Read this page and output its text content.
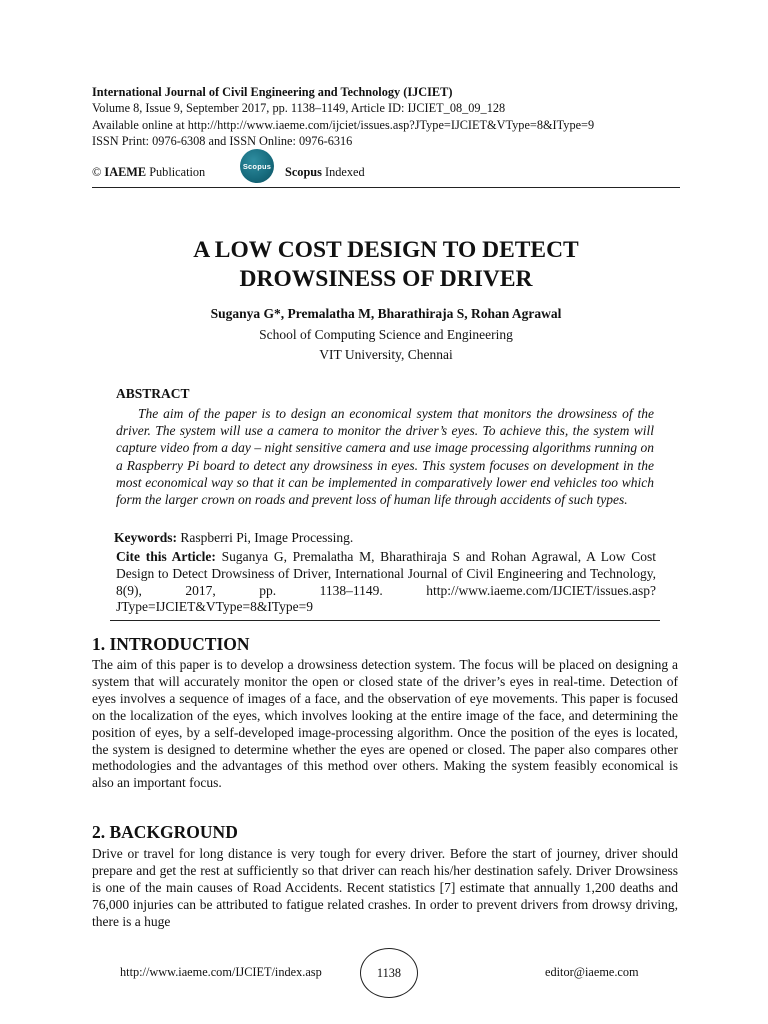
International Journal of Civil Engineering and Technology (IJCIET)
Volume 8, Issue 9, September 2017, pp. 1138–1149, Article ID: IJCIET_08_09_128
Available online at http://http://www.iaeme.com/ijciet/issues.asp?JType=IJCIET&VType=8&IType=9
ISSN Print: 0976-6308 and ISSN Online: 0976-6316
© IAEME Publication	Scopus Scopus Indexed
A LOW COST DESIGN TO DETECT
DROWSINESS OF DRIVER
Suganya G*, Premalatha M, Bharathiraja S, Rohan Agrawal
School of Computing Science and Engineering
VIT University, Chennai
ABSTRACT
The aim of the paper is to design an economical system that monitors the drowsiness of the driver. The system will use a camera to monitor the driver’s eyes. To achieve this, the system will capture video from a day – night sensitive camera and use image processing algorithms running on a Raspberry Pi board to detect any drowsiness in eyes. This system focuses on development in the most economical way so that it can be implemented in comparatively lower end vehicles too which form the larger crown on roads and prevent loss of human life through accidents of such types.
Keywords: Raspberri Pi, Image Processing.
Cite this Article: Suganya G, Premalatha M, Bharathiraja S and Rohan Agrawal, A Low Cost Design to Detect Drowsiness of Driver, International Journal of Civil Engineering and Technology, 8(9), 2017, pp. 1138–1149. http://www.iaeme.com/IJCIET/issues.asp?JType=IJCIET&VType=8&IType=9
1. INTRODUCTION
The aim of this paper is to develop a drowsiness detection system. The focus will be placed on designing a system that will accurately monitor the open or closed state of the driver’s eyes in real-time. Detection of eyes involves a sequence of images of a face, and the observation of eye movements. This paper is focused on the localization of the eyes, which involves looking at the entire image of the face, and determining the position of eyes, by a self-developed image-processing algorithm. Once the position of the eyes is located, the system is designed to determine whether the eyes are opened or closed. The paper also compares other methodologies and the advantages of this method over others. Making the system feasibly economical is also an important focus.
2. BACKGROUND
Drive or travel for long distance is very tough for every driver. Before the start of journey, driver should prepare and get the rest at sufficiently so that driver can reach his/her destination safely. Driver Drowsiness is one of the main causes of Road Accidents. Recent statistics [7] estimate that annually 1,200 deaths and 76,000 injuries can be attributed to fatigue related crashes. In order to prevent drivers from drowsy driving, there is a huge
http://www.iaeme.com/IJCIET/index.asp	1138	editor@iaeme.com
